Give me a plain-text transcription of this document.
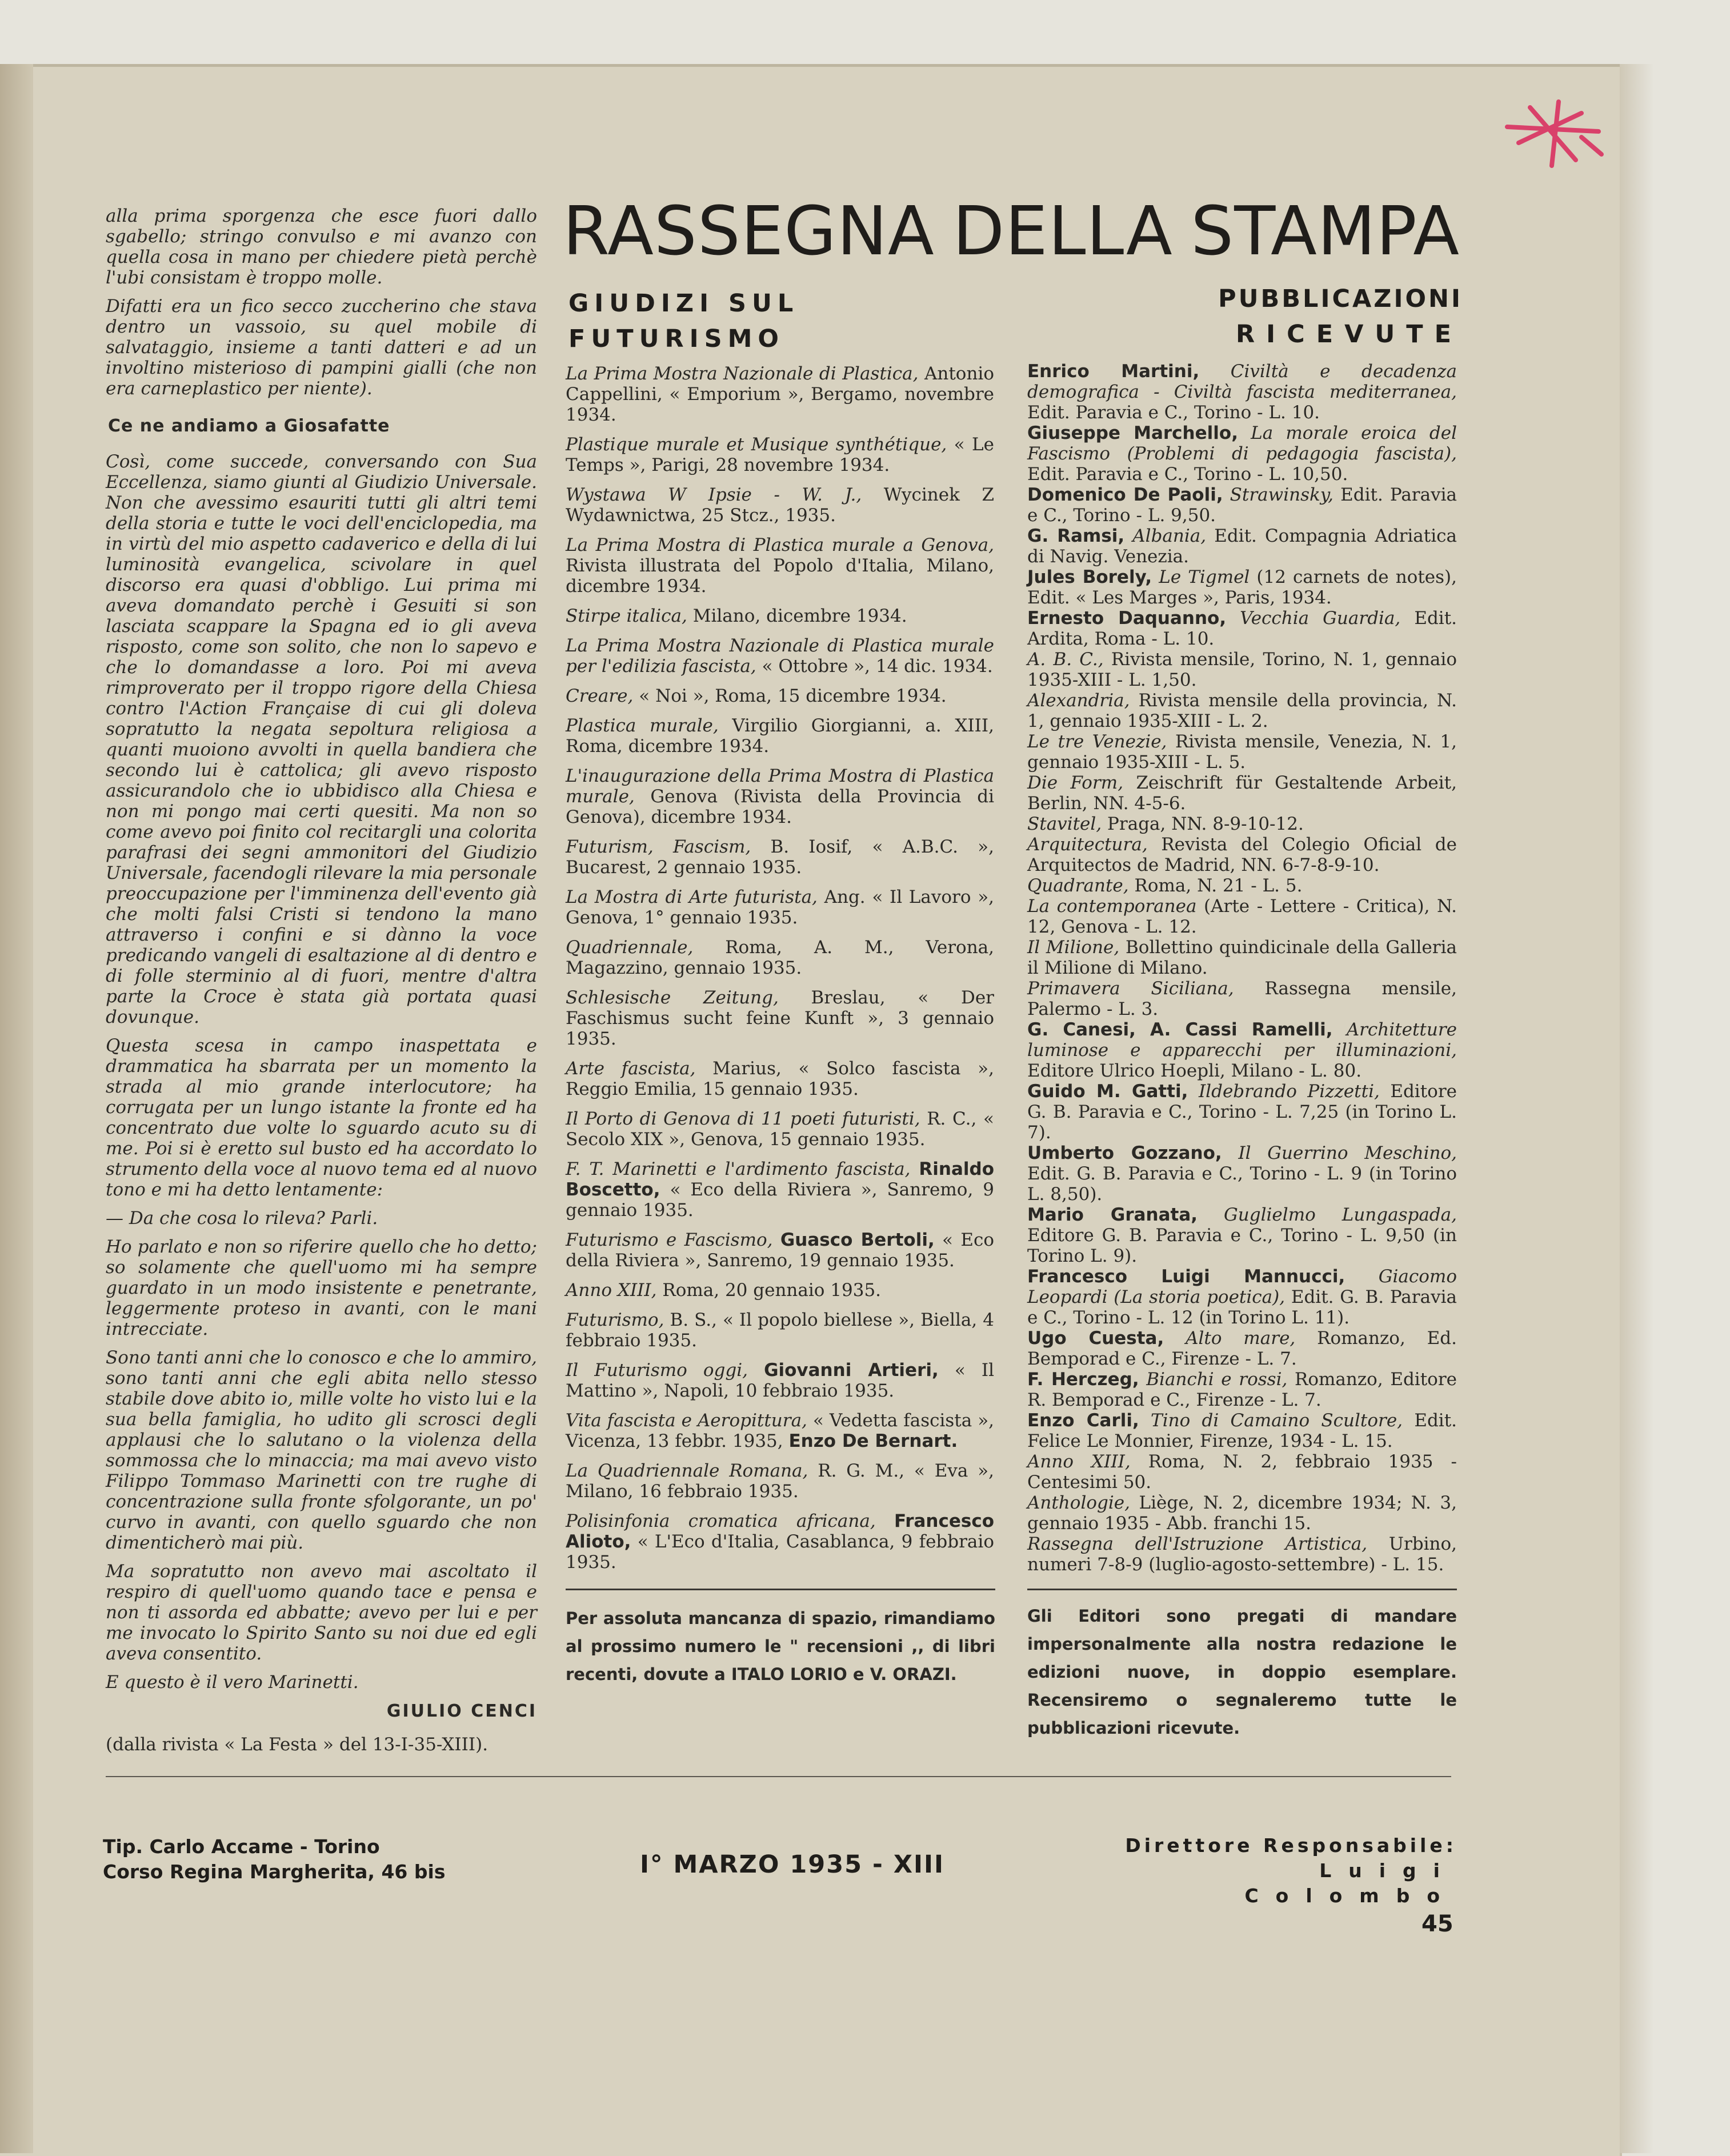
RASSEGNA DELLA STAMPA

alla prima sporgenza che esce fuori dallo sgabello; stringo convulso e mi avanzo con quella cosa in mano per chiedere pietà perchè l'ubi consistam è troppo molle.

Difatti era un fico secco zuccherino che stava dentro un vassoio, su quel mobile di salvataggio, insieme a tanti datteri e ad un involtino misterioso di pampini gialli (che non era carneplastico per niente).

Ce ne andiamo a Giosafatte

Così, come succede, conversando con Sua Eccellenza, siamo giunti al Giudizio Universale. Non che avessimo esauriti tutti gli altri temi della storia e tutte le voci dell'enciclopedia, ma in virtù del mio aspetto cadaverico e della di lui luminosità evangelica, scivolare in quel discorso era quasi d'obbligo. Lui prima mi aveva domandato perchè i Gesuiti si son lasciata scappare la Spagna ed io gli aveva risposto, come son solito, che non lo sapevo e che lo domandasse a loro. Poi mi aveva rimproverato per il troppo rigore della Chiesa contro l'Action Française di cui gli doleva sopratutto la negata sepoltura religiosa a quanti muoiono avvolti in quella bandiera che secondo lui è cattolica; gli avevo risposto assicurandolo che io ubbidisco alla Chiesa e non mi pongo mai certi quesiti. Ma non so come avevo poi finito col recitargli una colorita parafrasi dei segni ammonitori del Giudizio Universale, facendogli rilevare la mia personale preoccupazione per l'imminenza dell'evento già che molti falsi Cristi si tendono la mano attraverso i confini e si dànno la voce predicando vangeli di esaltazione al di dentro e di folle sterminio al di fuori, mentre d'altra parte la Croce è stata già portata quasi dovunque.

Questa scesa in campo inaspettata e drammatica ha sbarrata per un momento la strada al mio grande interlocutore; ha corrugata per un lungo istante la fronte ed ha concentrato due volte lo sguardo acuto su di me. Poi si è eretto sul busto ed ha accordato lo strumento della voce al nuovo tema ed al nuovo tono e mi ha detto lentamente:

— Da che cosa lo rileva? Parli.

Ho parlato e non so riferire quello che ho detto; so solamente che quell'uomo mi ha sempre guardato in un modo insistente e penetrante, leggermente proteso in avanti, con le mani intrecciate.

Sono tanti anni che lo conosco e che lo ammiro, sono tanti anni che egli abita nello stesso stabile dove abito io, mille volte ho visto lui e la sua bella famiglia, ho udito gli scrosci degli applausi che lo salutano o la violenza della sommossa che lo minaccia; ma mai avevo visto Filippo Tommaso Marinetti con tre rughe di concentrazione sulla fronte sfolgorante, un po' curvo in avanti, con quello sguardo che non dimenticherò mai più.

Ma sopratutto non avevo mai ascoltato il respiro di quell'uomo quando tace e pensa e non ti assorda ed abbatte; avevo per lui e per me invocato lo Spirito Santo su noi due ed egli aveva consentito.

E questo è il vero Marinetti.

GIULIO CENCI

(dalla rivista « La Festa » del 13-I-35-XIII).

GIUDIZI SUL
FUTURISMO
PUBBLICAZIONI
RICEVUTE

La Prima Mostra Nazionale di Plastica, Antonio Cappellini, « Emporium », Bergamo, novembre 1934.

Plastique murale et Musique synthétique, « Le Temps », Parigi, 28 novembre 1934.

Wystawa W Ipsie - W. J., Wycinek Z Wydawnictwa, 25 Stcz., 1935.

La Prima Mostra di Plastica murale a Genova, Rivista illustrata del Popolo d'Italia, Milano, dicembre 1934.

Stirpe italica, Milano, dicembre 1934.

La Prima Mostra Nazionale di Plastica murale per l'edilizia fascista, « Ottobre », 14 dic. 1934.

Creare, « Noi », Roma, 15 dicembre 1934.

Plastica murale, Virgilio Giorgianni, a. XIII, Roma, dicembre 1934.

L'inaugurazione della Prima Mostra di Plastica murale, Genova (Rivista della Provincia di Genova), dicembre 1934.

Futurism, Fascism, B. Iosif, « A.B.C. », Bucarest, 2 gennaio 1935.

La Mostra di Arte futurista, Ang. « Il Lavoro », Genova, 1° gennaio 1935.

Quadriennale, Roma, A. M., Verona, Magazzino, gennaio 1935.

Schlesische Zeitung, Breslau, « Der Faschismus sucht feine Kunft », 3 gennaio 1935.

Arte fascista, Marius, « Solco fascista », Reggio Emilia, 15 gennaio 1935.

Il Porto di Genova di 11 poeti futuristi, R. C., « Secolo XIX », Genova, 15 gennaio 1935.

F. T. Marinetti e l'ardimento fascista, Rinaldo Boscetto, « Eco della Riviera », Sanremo, 9 gennaio 1935.

Futurismo e Fascismo, Guasco Bertoli, « Eco della Riviera », Sanremo, 19 gennaio 1935.

Anno XIII, Roma, 20 gennaio 1935.

Futurismo, B. S., « Il popolo biellese », Biella, 4 febbraio 1935.

Il Futurismo oggi, Giovanni Artieri, « Il Mattino », Napoli, 10 febbraio 1935.

Vita fascista e Aeropittura, « Vedetta fascista », Vicenza, 13 febbr. 1935, Enzo De Bernart.

La Quadriennale Romana, R. G. M., « Eva », Milano, 16 febbraio 1935.

Polisinfonia cromatica africana, Francesco Alioto, « L'Eco d'Italia, Casablanca, 9 febbraio 1935.

Enrico Martini, Civiltà e decadenza demografica - Civiltà fascista mediterranea, Edit. Paravia e C., Torino - L. 10.

Giuseppe Marchello, La morale eroica del Fascismo (Problemi di pedagogia fascista), Edit. Paravia e C., Torino - L. 10,50.

Domenico De Paoli, Strawinsky, Edit. Paravia e C., Torino - L. 9,50.

G. Ramsi, Albania, Edit. Compagnia Adriatica di Navig. Venezia.

Jules Borely, Le Tigmel (12 carnets de notes), Edit. « Les Marges », Paris, 1934.

Ernesto Daquanno, Vecchia Guardia, Edit. Ardita, Roma - L. 10.

A. B. C., Rivista mensile, Torino, N. 1, gennaio 1935-XIII - L. 1,50.

Alexandria, Rivista mensile della provincia, N. 1, gennaio 1935-XIII - L. 2.

Le tre Venezie, Rivista mensile, Venezia, N. 1, gennaio 1935-XIII - L. 5.

Die Form, Zeischrift für Gestaltende Arbeit, Berlin, NN. 4-5-6.

Stavitel, Praga, NN. 8-9-10-12.

Arquitectura, Revista del Colegio Oficial de Arquitectos de Madrid, NN. 6-7-8-9-10.

Quadrante, Roma, N. 21 - L. 5.

La contemporanea (Arte - Lettere - Critica), N. 12, Genova - L. 12.

Il Milione, Bollettino quindicinale della Galleria il Milione di Milano.

Primavera Siciliana, Rassegna mensile, Palermo - L. 3.

G. Canesi, A. Cassi Ramelli, Architetture luminose e apparecchi per illuminazioni, Editore Ulrico Hoepli, Milano - L. 80.

Guido M. Gatti, Ildebrando Pizzetti, Editore G. B. Paravia e C., Torino - L. 7,25 (in Torino L. 7).

Umberto Gozzano, Il Guerrino Meschino, Edit. G. B. Paravia e C., Torino - L. 9 (in Torino L. 8,50).

Mario Granata, Guglielmo Lungaspada, Editore G. B. Paravia e C., Torino - L. 9,50 (in Torino L. 9).

Francesco Luigi Mannucci, Giacomo Leopardi (La storia poetica), Edit. G. B. Paravia e C., Torino - L. 12 (in Torino L. 11).

Ugo Cuesta, Alto mare, Romanzo, Ed. Bemporad e C., Firenze - L. 7.

F. Herczeg, Bianchi e rossi, Romanzo, Editore R. Bemporad e C., Firenze - L. 7.

Enzo Carli, Tino di Camaino Scultore, Edit. Felice Le Monnier, Firenze, 1934 - L. 15.

Anno XIII, Roma, N. 2, febbraio 1935 - Centesimi 50.

Anthologie, Liège, N. 2, dicembre 1934; N. 3, gennaio 1935 - Abb. franchi 15.

Rassegna dell'Istruzione Artistica, Urbino, numeri 7-8-9 (luglio-agosto-settembre) - L. 15.

Per assoluta mancanza di spazio, rimandiamo al prossimo numero le " recensioni ,, di libri recenti, dovute a ITALO LORIO e V. ORAZI.
Gli Editori sono pregati di mandare impersonalmente alla nostra redazione le edizioni nuove, in doppio esemplare. Recensiremo o segnaleremo tutte le pubblicazioni ricevute.
Tip. Carlo Accame - Torino
Corso Regina Margherita, 46 bis	I° MARZO 1935 - XIII
Direttore Responsabile:
Luigi Colombo
45
